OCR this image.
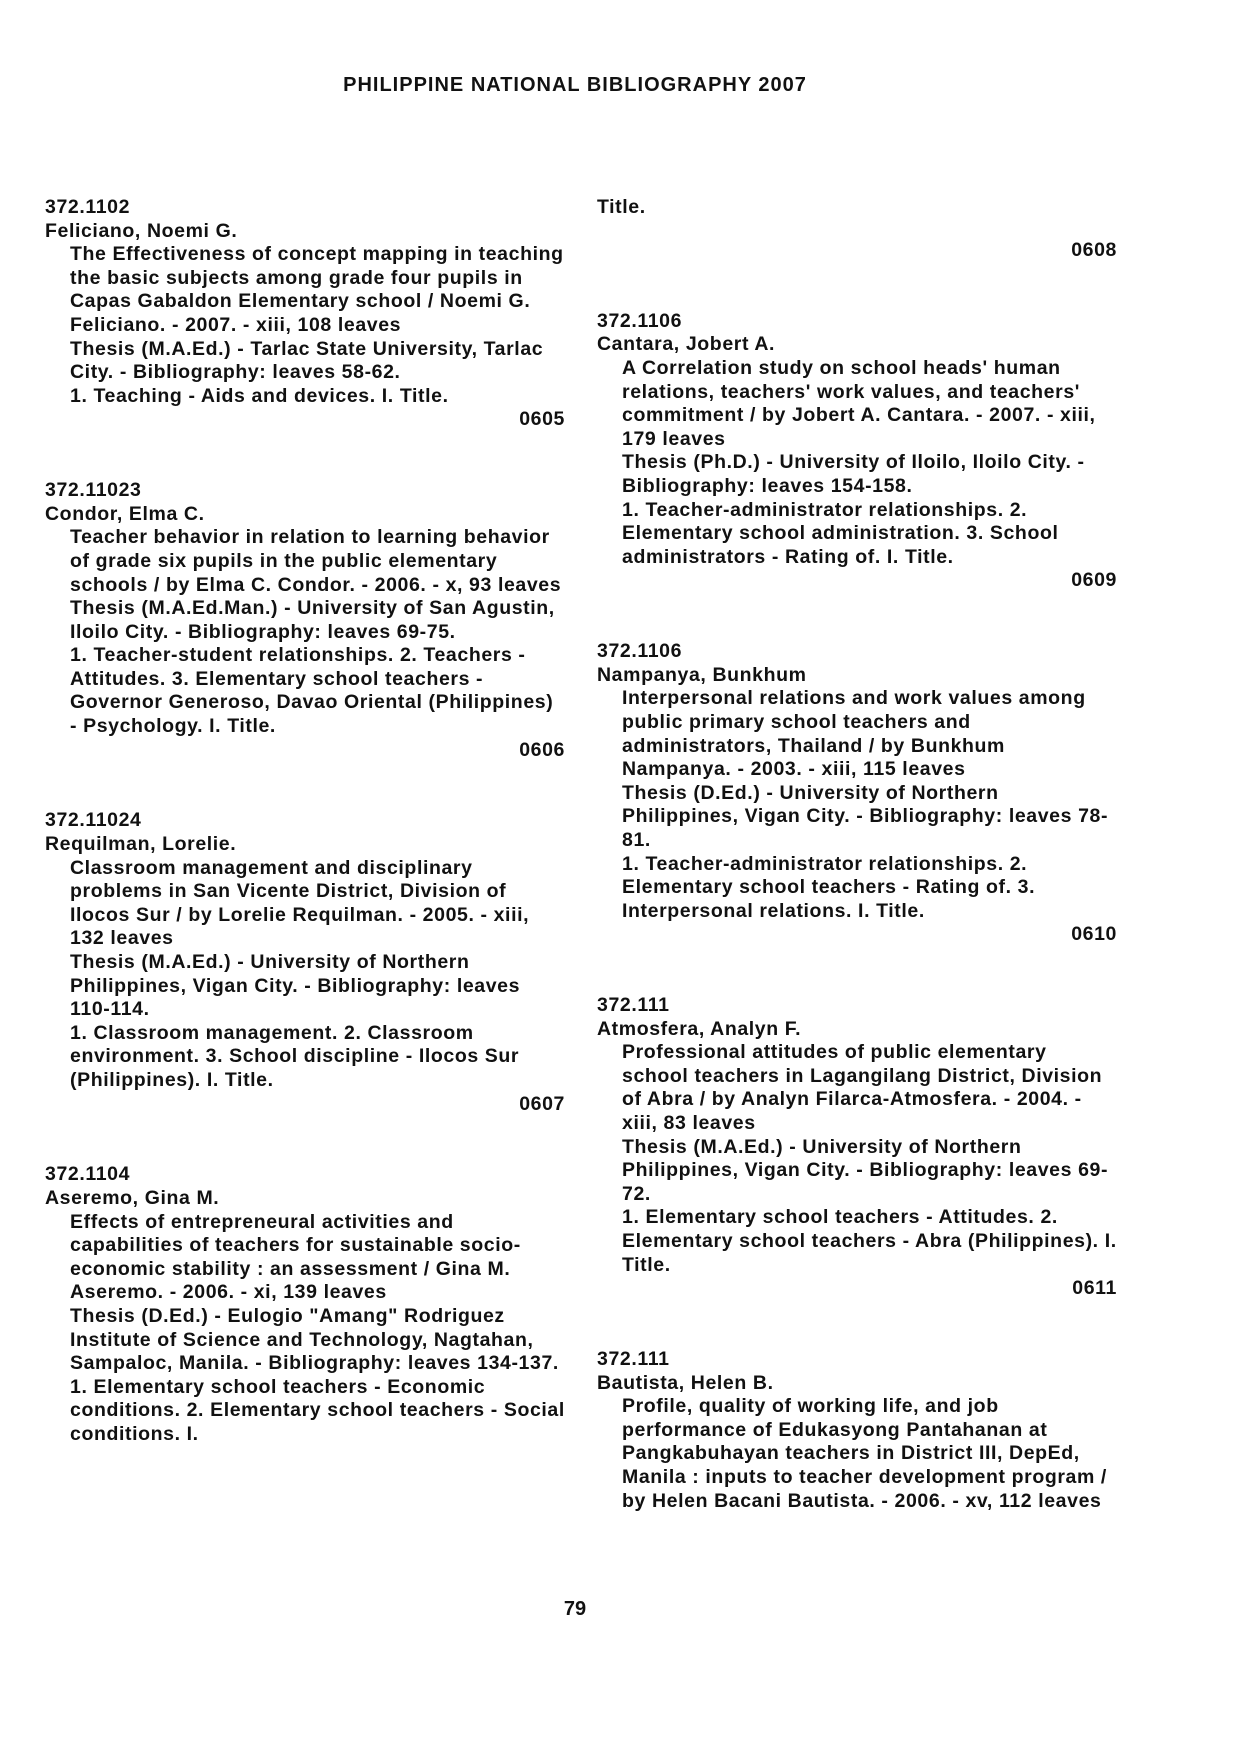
PHILIPPINE NATIONAL BIBLIOGRAPHY 2007

372.1102

Feliciano, Noemi G.

The Effectiveness of concept mapping in teaching the basic subjects among grade four pupils in Capas Gabaldon Elementary school / Noemi G. Feliciano. - 2007. - xiii, 108 leaves

Thesis (M.A.Ed.) - Tarlac State University, Tarlac City. - Bibliography: leaves 58-62.

1. Teaching - Aids and devices. I. Title.

0605

372.11023

Condor, Elma C.

Teacher behavior in relation to learning behavior of grade six pupils in the public elementary schools / by Elma C. Condor. - 2006. - x, 93 leaves

Thesis (M.A.Ed.Man.) - University of San Agustin, Iloilo City. - Bibliography: leaves 69-75.

1. Teacher-student relationships. 2. Teachers - Attitudes. 3. Elementary school teachers - Governor Generoso, Davao Oriental (Philippines) - Psychology. I. Title.

0606

372.11024

Requilman, Lorelie.

Classroom management and disciplinary problems in San Vicente District, Division of Ilocos Sur / by Lorelie Requilman. - 2005. - xiii, 132 leaves

Thesis (M.A.Ed.) - University of Northern Philippines, Vigan City. - Bibliography: leaves 110-114.

1. Classroom management. 2. Classroom environment. 3. School discipline - Ilocos Sur (Philippines). I. Title.

0607

372.1104

Aseremo, Gina M.

Effects of entrepreneural activities and capabilities of teachers for sustainable socio-economic stability : an assessment / Gina M. Aseremo. - 2006. - xi, 139 leaves

Thesis (D.Ed.) - Eulogio "Amang" Rodriguez Institute of Science and Technology, Nagtahan, Sampaloc, Manila. - Bibliography: leaves 134-137.

1. Elementary school teachers - Economic conditions. 2. Elementary school teachers - Social conditions. I.

Title.

0608

372.1106

Cantara, Jobert A.

A Correlation study on school heads' human relations, teachers' work values, and teachers' commitment / by Jobert A. Cantara. - 2007. - xiii, 179 leaves

Thesis (Ph.D.) - University of Iloilo, Iloilo City. - Bibliography: leaves 154-158.

1. Teacher-administrator relationships. 2. Elementary school administration. 3. School administrators - Rating of. I. Title.

0609

372.1106

Nampanya, Bunkhum

Interpersonal relations and work values among public primary school teachers and administrators, Thailand / by Bunkhum Nampanya. - 2003. - xiii, 115 leaves

Thesis (D.Ed.) - University of Northern Philippines, Vigan City. - Bibliography: leaves 78-81.

1. Teacher-administrator relationships. 2. Elementary school teachers - Rating of. 3. Interpersonal relations. I. Title.

0610

372.111

Atmosfera, Analyn F.

Professional attitudes of public elementary school teachers in Lagangilang District, Division of Abra / by Analyn Filarca-Atmosfera. - 2004. - xiii, 83 leaves

Thesis (M.A.Ed.) - University of Northern Philippines, Vigan City. - Bibliography: leaves 69-72.

1. Elementary school teachers - Attitudes. 2. Elementary school teachers - Abra (Philippines). I. Title.

0611

372.111

Bautista, Helen B.

Profile, quality of working life, and job performance of Edukasyong Pantahanan at Pangkabuhayan teachers in District III, DepEd, Manila : inputs to teacher development program / by Helen Bacani Bautista. - 2006. - xv, 112 leaves

79
